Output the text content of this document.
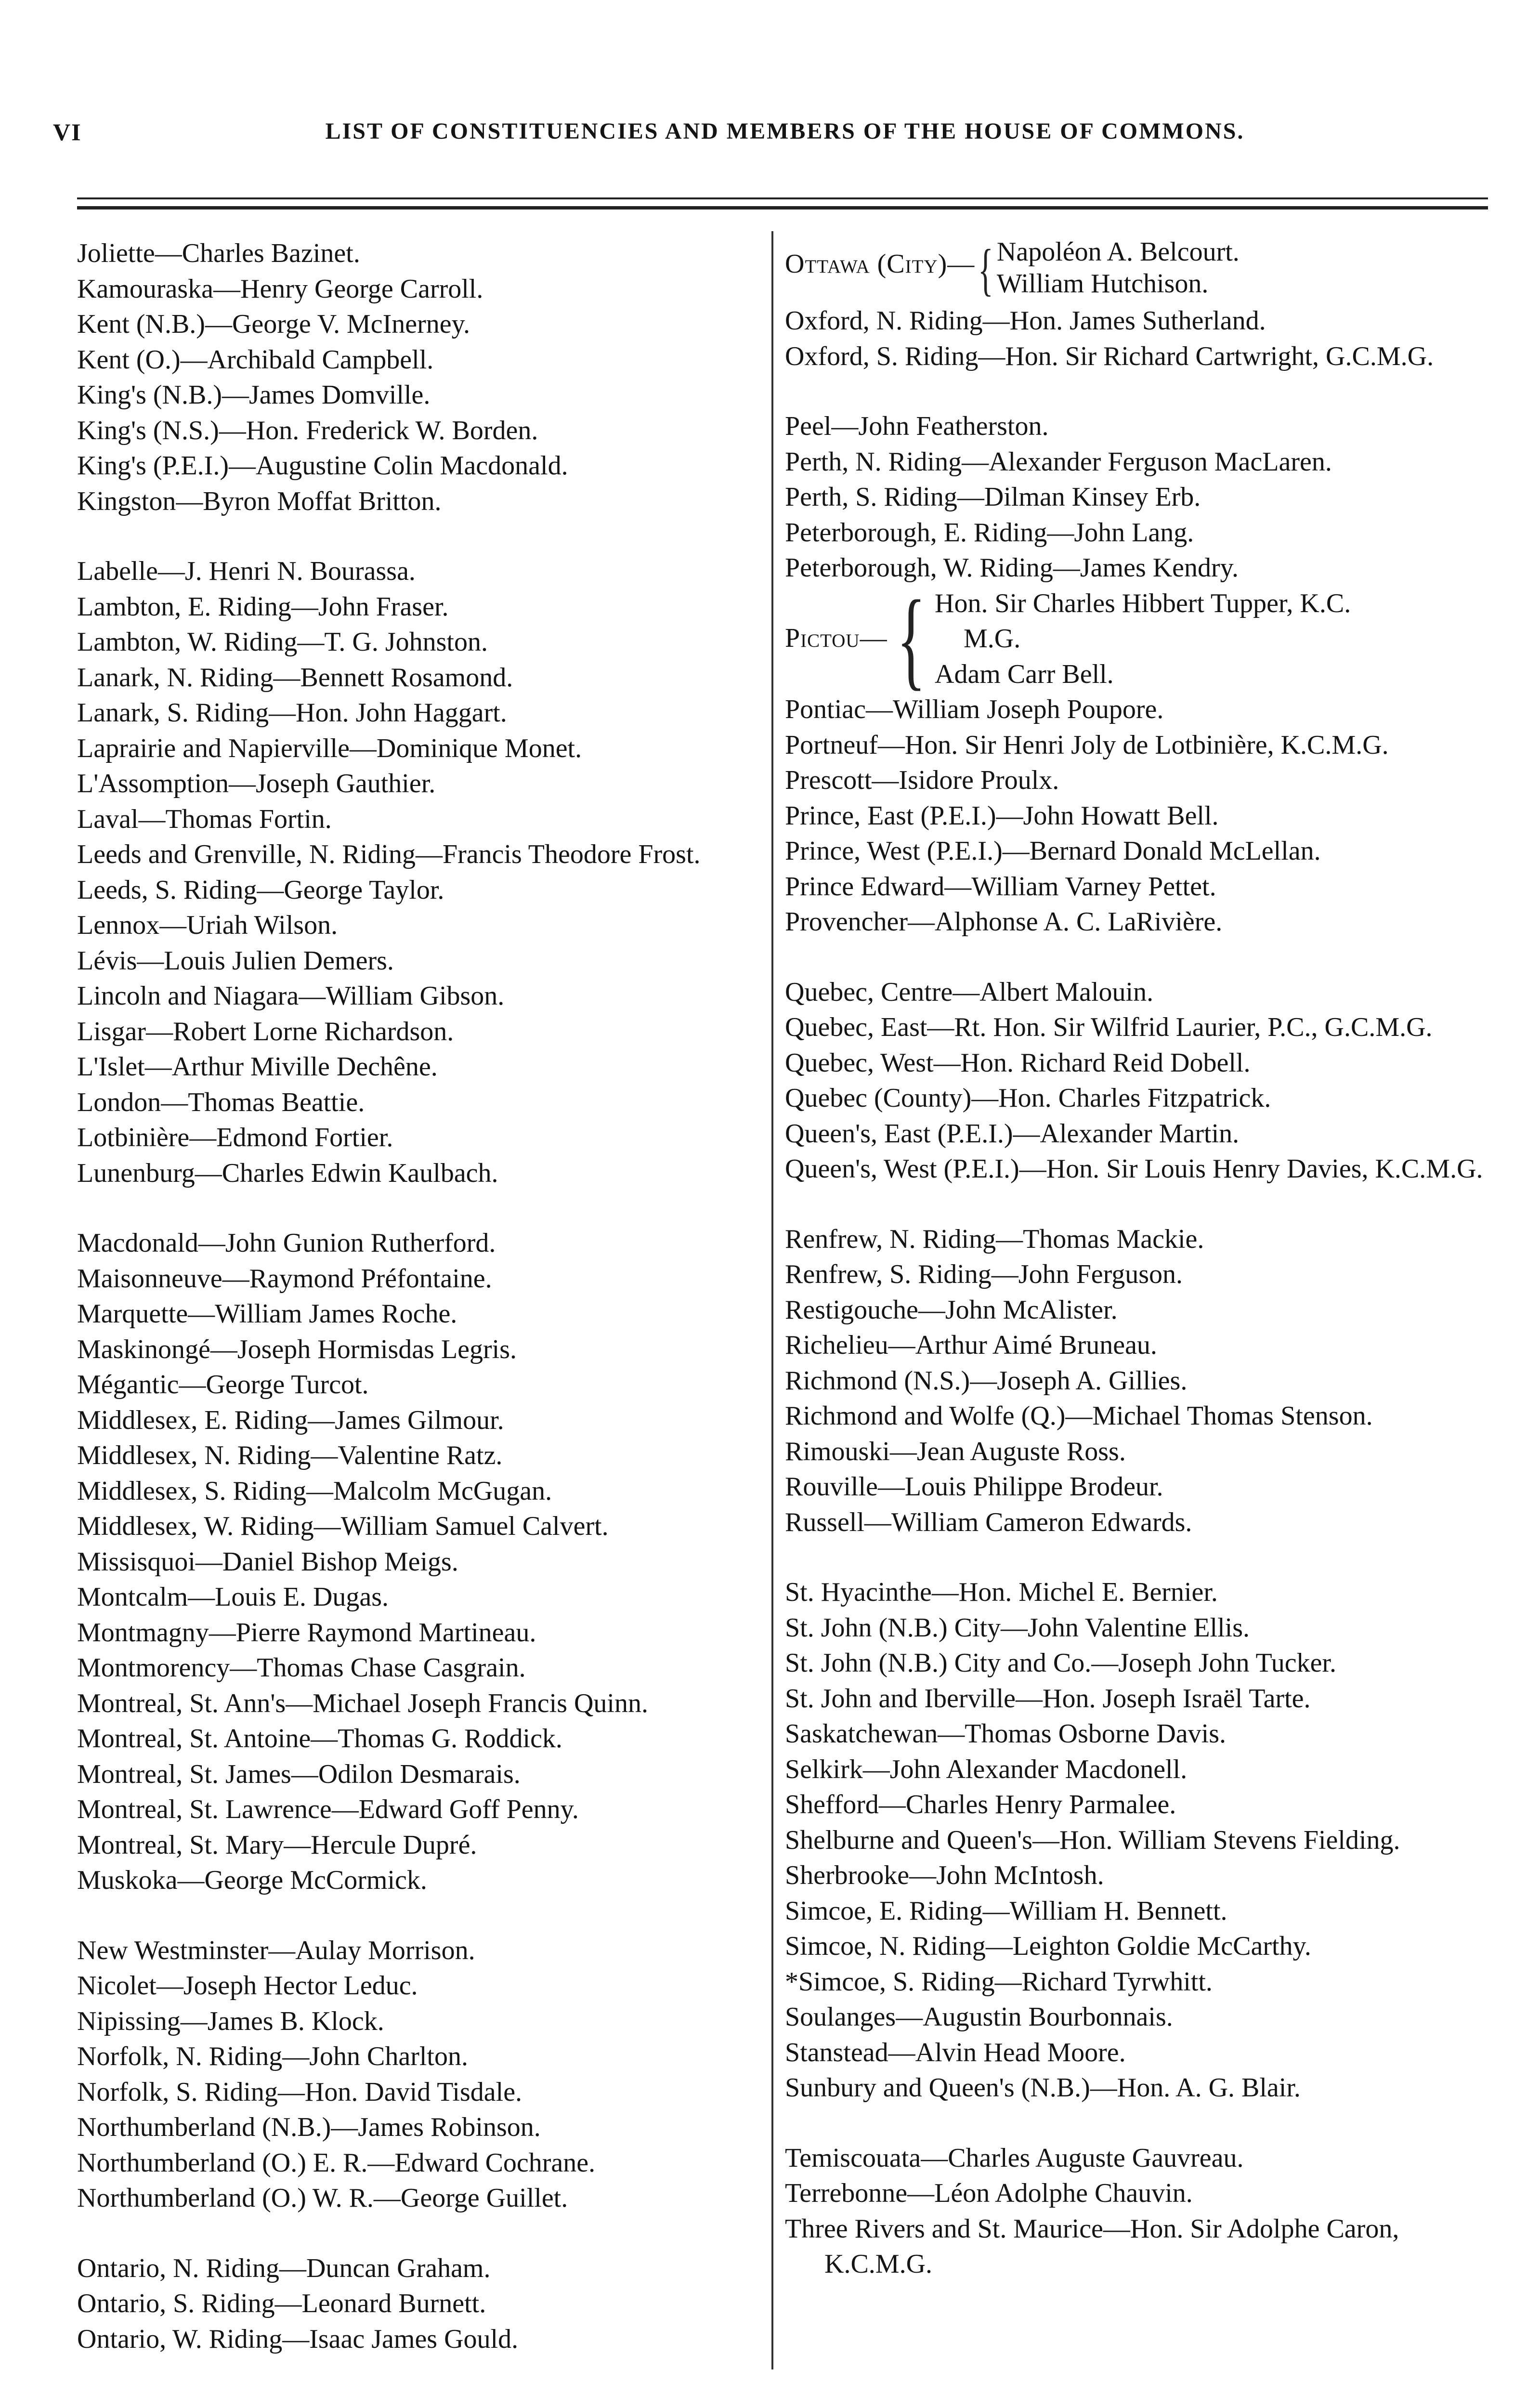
VI	LIST OF CONSTITUENCIES AND MEMBERS OF THE HOUSE OF COMMONS.
Joliette—Charles Bazinet.
Kamouraska—Henry George Carroll.
Kent (N.B.)—George V. McInerney.
Kent (O.)—Archibald Campbell.
King's (N.B.)—James Domville.
King's (N.S.)—Hon. Frederick W. Borden.
King's (P.E.I.)—Augustine Colin Macdonald.
Kingston—Byron Moffat Britton.
Labelle—J. Henri N. Bourassa.
Lambton, E. Riding—John Fraser.
Lambton, W. Riding—T. G. Johnston.
Lanark, N. Riding—Bennett Rosamond.
Lanark, S. Riding—Hon. John Haggart.
Laprairie and Napierville—Dominique Monet.
L'Assomption—Joseph Gauthier.
Laval—Thomas Fortin.
Leeds and Grenville, N. Riding—Francis Theodore Frost.
Leeds, S. Riding—George Taylor.
Lennox—Uriah Wilson.
Lévis—Louis Julien Demers.
Lincoln and Niagara—William Gibson.
Lisgar—Robert Lorne Richardson.
L'Islet—Arthur Miville Dechêne.
London—Thomas Beattie.
Lotbinière—Edmond Fortier.
Lunenburg—Charles Edwin Kaulbach.
Macdonald—John Gunion Rutherford.
Maisonneuve—Raymond Préfontaine.
Marquette—William James Roche.
Maskinongé—Joseph Hormisdas Legris.
Mégantic—George Turcot.
Middlesex, E. Riding—James Gilmour.
Middlesex, N. Riding—Valentine Ratz.
Middlesex, S. Riding—Malcolm McGugan.
Middlesex, W. Riding—William Samuel Calvert.
Missisquoi—Daniel Bishop Meigs.
Montcalm—Louis E. Dugas.
Montmagny—Pierre Raymond Martineau.
Montmorency—Thomas Chase Casgrain.
Montreal, St. Ann's—Michael Joseph Francis Quinn.
Montreal, St. Antoine—Thomas G. Roddick.
Montreal, St. James—Odilon Desmarais.
Montreal, St. Lawrence—Edward Goff Penny.
Montreal, St. Mary—Hercule Dupré.
Muskoka—George McCormick.
New Westminster—Aulay Morrison.
Nicolet—Joseph Hector Leduc.
Nipissing—James B. Klock.
Norfolk, N. Riding—John Charlton.
Norfolk, S. Riding—Hon. David Tisdale.
Northumberland (N.B.)—James Robinson.
Northumberland (O.) E. R.—Edward Cochrane.
Northumberland (O.) W. R.—George Guillet.
Ontario, N. Riding—Duncan Graham.
Ontario, S. Riding—Leonard Burnett.
Ontario, W. Riding—Isaac James Gould.
Ottawa (City)—{ Napoléon A. Belcourt.
William Hutchison.
Oxford, N. Riding—Hon. James Sutherland.
Oxford, S. Riding—Hon. Sir Richard Cartwright, G.C.M.G.
Peel—John Featherston.
Perth, N. Riding—Alexander Ferguson MacLaren.
Perth, S. Riding—Dilman Kinsey Erb.
Peterborough, E. Riding—John Lang.
Peterborough, W. Riding—James Kendry.
Pictou—{ Hon. Sir Charles Hibbert Tupper, K.C.
M.G.
Adam Carr Bell.
Pontiac—William Joseph Poupore.
Portneuf—Hon. Sir Henri Joly de Lotbinière, K.C.M.G.
Prescott—Isidore Proulx.
Prince, East (P.E.I.)—John Howatt Bell.
Prince, West (P.E.I.)—Bernard Donald McLellan.
Prince Edward—William Varney Pettet.
Provencher—Alphonse A. C. LaRivière.
Quebec, Centre—Albert Malouin.
Quebec, East—Rt. Hon. Sir Wilfrid Laurier, P.C., G.C.M.G.
Quebec, West—Hon. Richard Reid Dobell.
Quebec (County)—Hon. Charles Fitzpatrick.
Queen's, East (P.E.I.)—Alexander Martin.
Queen's, West (P.E.I.)—Hon. Sir Louis Henry Davies, K.C.M.G.
Renfrew, N. Riding—Thomas Mackie.
Renfrew, S. Riding—John Ferguson.
Restigouche—John McAlister.
Richelieu—Arthur Aimé Bruneau.
Richmond (N.S.)—Joseph A. Gillies.
Richmond and Wolfe (Q.)—Michael Thomas Stenson.
Rimouski—Jean Auguste Ross.
Rouville—Louis Philippe Brodeur.
Russell—William Cameron Edwards.
St. Hyacinthe—Hon. Michel E. Bernier.
St. John (N.B.) City—John Valentine Ellis.
St. John (N.B.) City and Co.—Joseph John Tucker.
St. John and Iberville—Hon. Joseph Israël Tarte.
Saskatchewan—Thomas Osborne Davis.
Selkirk—John Alexander Macdonell.
Shefford—Charles Henry Parmalee.
Shelburne and Queen's—Hon. William Stevens Fielding.
Sherbrooke—John McIntosh.
Simcoe, E. Riding—William H. Bennett.
Simcoe, N. Riding—Leighton Goldie McCarthy.
*Simcoe, S. Riding—Richard Tyrwhitt.
Soulanges—Augustin Bourbonnais.
Stanstead—Alvin Head Moore.
Sunbury and Queen's (N.B.)—Hon. A. G. Blair.
Temiscouata—Charles Auguste Gauvreau.
Terrebonne—Léon Adolphe Chauvin.
Three Rivers and St. Maurice—Hon. Sir Adolphe Caron, K.C.M.G.
